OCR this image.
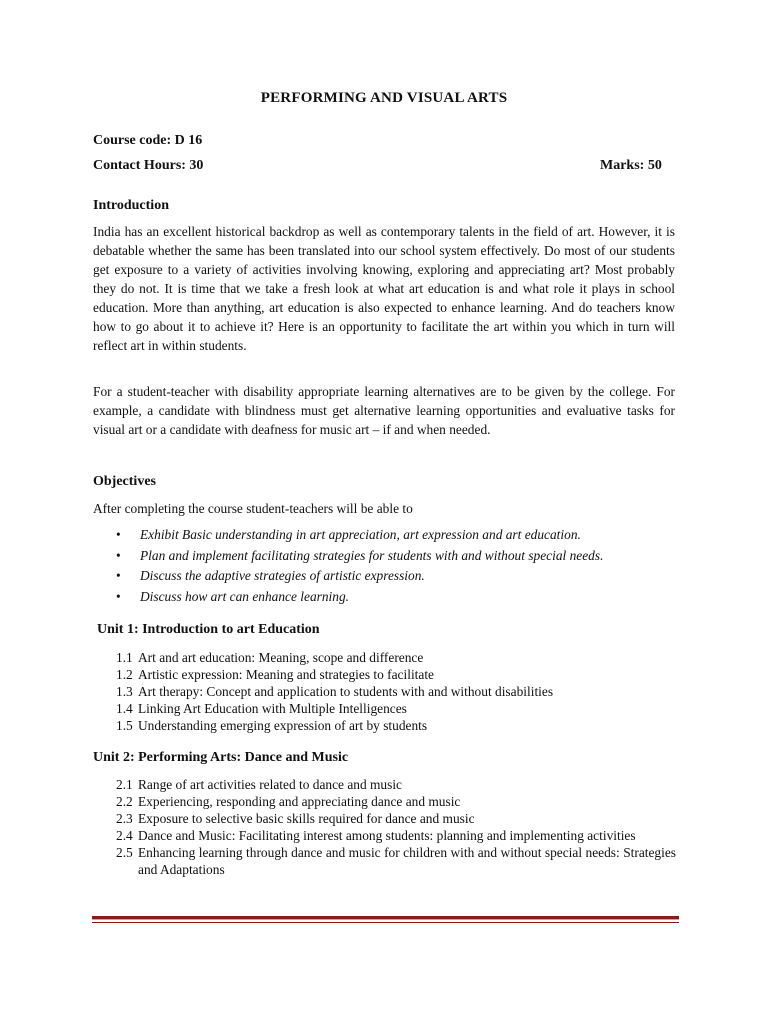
PERFORMING AND VISUAL ARTS
Course code: D 16
Contact Hours: 30	Marks: 50
Introduction
India has an excellent historical backdrop as well as contemporary talents in the field of art. However, it is debatable whether the same has been translated into our school system effectively. Do most of our students get exposure to a variety of activities involving knowing, exploring and appreciating art? Most probably they do not. It is time that we take a fresh look at what art education is and what role it plays in school education. More than anything, art education is also expected to enhance learning. And do teachers know how to go about it to achieve it? Here is an opportunity to facilitate the art within you which in turn will reflect art in within students.
For a student-teacher with disability appropriate learning alternatives are to be given by the college. For example, a candidate with blindness must get alternative learning opportunities and evaluative tasks for visual art or a candidate with deafness for music art – if and when needed.
Objectives
After completing the course student-teachers will be able to
•	Exhibit Basic understanding in art appreciation, art expression and art education.
•	Plan and implement facilitating strategies for students with and without special needs.
•	Discuss the adaptive strategies of artistic expression.
•	Discuss how art can enhance learning.
Unit 1: Introduction to art Education
1.1 Art and art education: Meaning, scope and difference
1.2 Artistic expression: Meaning and strategies to facilitate
1.3 Art therapy: Concept and application to students with and without disabilities
1.4 Linking Art Education with Multiple Intelligences
1.5 Understanding emerging expression of art by students
Unit 2: Performing Arts: Dance and Music
2.1 Range of art activities related to dance and music
2.2 Experiencing, responding and appreciating dance and music
2.3 Exposure to selective basic skills required for dance and music
2.4 Dance and Music: Facilitating interest among students: planning and implementing activities
2.5 Enhancing learning through dance and music for children with and without special needs: Strategies and Adaptations
